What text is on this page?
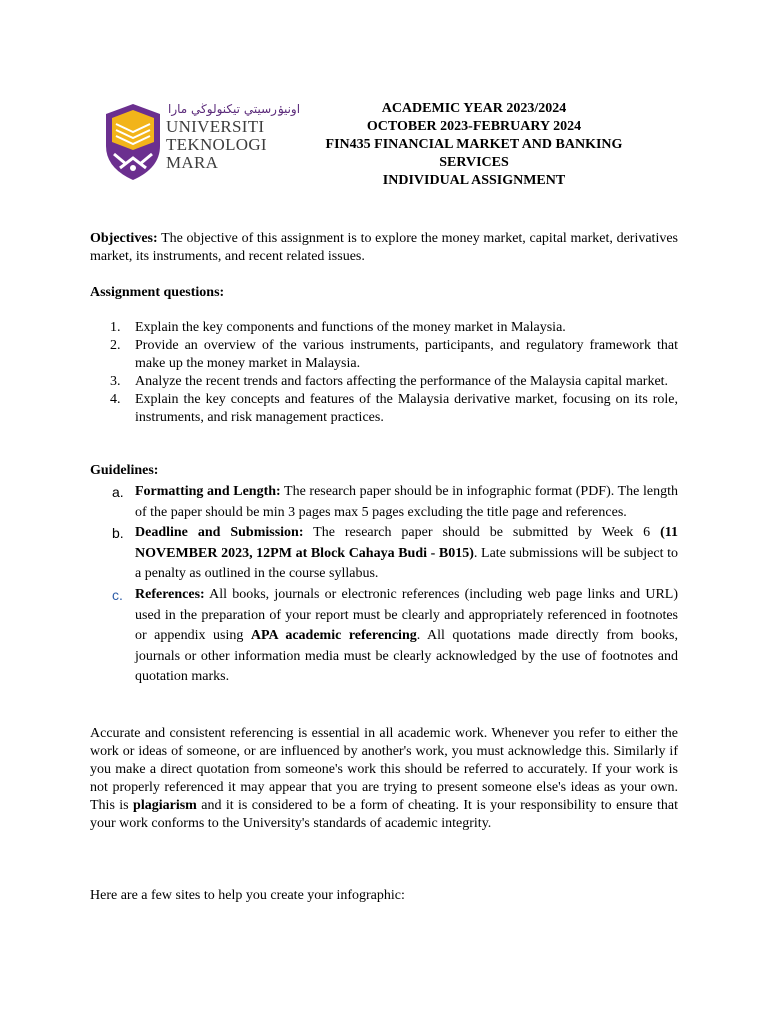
اونيۏرسيتي تيكنولوڬي مارا
UNIVERSITI
TEKNOLOGI
MARA
ACADEMIC YEAR 2023/2024
OCTOBER 2023-FEBRUARY 2024
FIN435 FINANCIAL MARKET AND BANKING
SERVICES
INDIVIDUAL ASSIGNMENT
Objectives: The objective of this assignment is to explore the money market, capital market, derivatives market, its instruments, and recent related issues.
Assignment questions:
1. Explain the key components and functions of the money market in Malaysia.
2. Provide an overview of the various instruments, participants, and regulatory framework that make up the money market in Malaysia.
3. Analyze the recent trends and factors affecting the performance of the Malaysia capital market.
4. Explain the key concepts and features of the Malaysia derivative market, focusing on its role, instruments, and risk management practices.
Guidelines:
a. Formatting and Length: The research paper should be in infographic format (PDF). The length of the paper should be min 3 pages max 5 pages excluding the title page and references.
b. Deadline and Submission: The research paper should be submitted by Week 6 (11 NOVEMBER 2023, 12PM at Block Cahaya Budi - B015). Late submissions will be subject to a penalty as outlined in the course syllabus.
c. References: All books, journals or electronic references (including web page links and URL) used in the preparation of your report must be clearly and appropriately referenced in footnotes or appendix using APA academic referencing. All quotations made directly from books, journals or other information media must be clearly acknowledged by the use of footnotes and quotation marks.
Accurate and consistent referencing is essential in all academic work. Whenever you refer to either the work or ideas of someone, or are influenced by another's work, you must acknowledge this. Similarly if you make a direct quotation from someone's work this should be referred to accurately. If your work is not properly referenced it may appear that you are trying to present someone else's ideas as your own. This is plagiarism and it is considered to be a form of cheating. It is your responsibility to ensure that your work conforms to the University's standards of academic integrity.
Here are a few sites to help you create your infographic:
